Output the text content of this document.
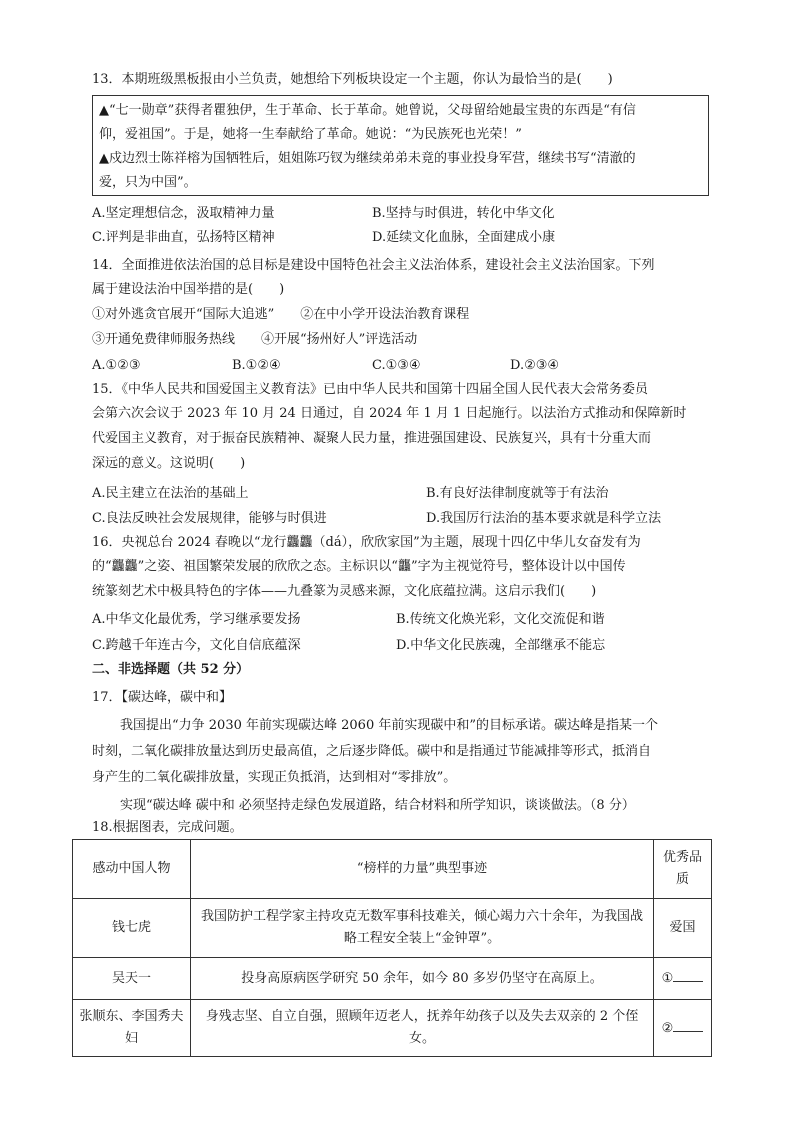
13．本期班级黑板报由小兰负责，她想给下列板块设定一个主题，你认为最恰当的是(　　)
▲“七一勋章”获得者瞿独伊，生于革命、长于革命。她曾说，父母留给她最宝贵的东西是“有信
仰，爱祖国”。于是，她将一生奉献给了革命。她说：“为民族死也光荣！”
▲戍边烈士陈祥榕为国牺牲后，姐姐陈巧钗为继续弟弟未竟的事业投身军营，继续书写“清澈的
爱，只为中国”。
A.坚定理想信念，汲取精神力量	B.坚持与时俱进，转化中华文化
C.评判是非曲直，弘扬特区精神	D.延续文化血脉，全面建成小康
14．全面推进依法治国的总目标是建设中国特色社会主义法治体系，建设社会主义法治国家。下列
属于建设法治中国举措的是(　　)
①对外逃贪官展开“国际大追逃”　　②在中小学开设法治教育课程
③开通免费律师服务热线　　④开展“扬州好人”评选活动
A.①②③	B.①②④	C.①③④	D.②③④
15．《中华人民共和国爱国主义教育法》已由中华人民共和国第十四届全国人民代表大会常务委员
会第六次会议于 2023 年 10 月 24 日通过，自 2024 年 1 月 1 日起施行。以法治方式推动和保障新时
代爱国主义教育，对于振奋民族精神、凝聚人民力量，推进强国建设、民族复兴，具有十分重大而
深远的意义。这说明(　　)
A.民主建立在法治的基础上	B.有良好法律制度就等于有法治
C.良法反映社会发展规律，能够与时俱进	D.我国厉行法治的基本要求就是科学立法
16．央视总台 2024 春晚以“龙行龘龘（dá），欣欣家国”为主题，展现十四亿中华儿女奋发有为
的“龘龘”之姿、祖国繁荣发展的欣欣之态。主标识以“龘”字为主视觉符号，整体设计以中国传
统篆刻艺术中极具特色的字体——九叠篆为灵感来源，文化底蕴拉满。这启示我们(　　)
A.中华文化最优秀，学习继承要发扬	B.传统文化焕光彩，文化交流促和谐
C.跨越千年连古今，文化自信底蕴深	D.中华文化民族魂，全部继承不能忘
二、非选择题（共 52 分）
17．【碳达峰，碳中和】
我国提出“力争 2030 年前实现碳达峰 2060 年前实现碳中和”的目标承诺。碳达峰是指某一个
时刻，二氧化碳排放量达到历史最高值，之后逐步降低。碳中和是指通过节能减排等形式，抵消自
身产生的二氧化碳排放量，实现正负抵消，达到相对“零排放”。
实现“碳达峰 碳中和 必须坚持走绿色发展道路，结合材料和所学知识，谈谈做法。（8 分）
18.根据图表，完成问题。
感动中国人物	“榜样的力量”典型事迹	优秀品质
钱七虎	我国防护工程学家主持攻克无数军事科技难关，倾心竭力六十余年，为我国战略工程安全装上“金钟罩”。	爱国
吴天一	投身高原病医学研究 50 余年，如今 80 多岁仍坚守在高原上。	①
张顺东、李国秀夫妇	身残志坚、自立自强，照顾年迈老人，抚养年幼孩子以及失去双亲的 2 个侄女。	②
